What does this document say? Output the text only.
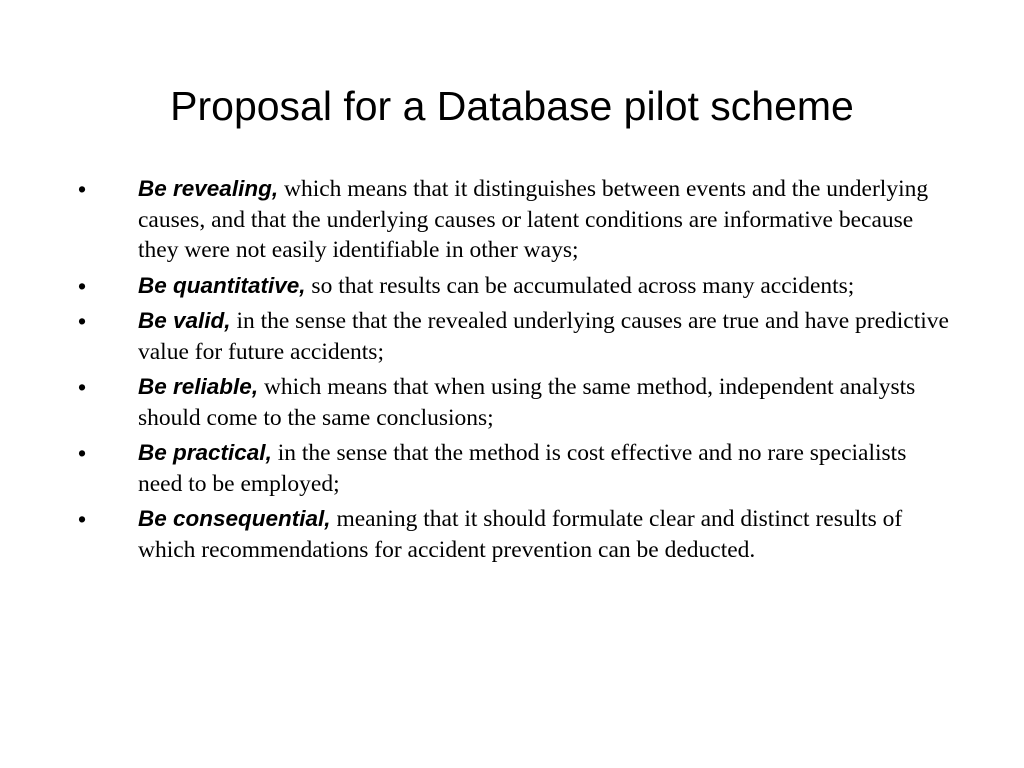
Proposal for a Database pilot scheme
• Be revealing, which means that it distinguishes between events and the underlying causes, and that the underlying causes or latent conditions are informative because they were not easily identifiable in other ways;
• Be quantitative, so that results can be accumulated across many accidents;
• Be valid, in the sense that the revealed underlying causes are true and have predictive value for future accidents;
• Be reliable, which means that when using the same method, independent analysts should come to the same conclusions;
• Be practical, in the sense that the method is cost effective and no rare specialists need to be employed;
• Be consequential, meaning that it should formulate clear and distinct results of which recommendations for accident prevention can be deducted.
